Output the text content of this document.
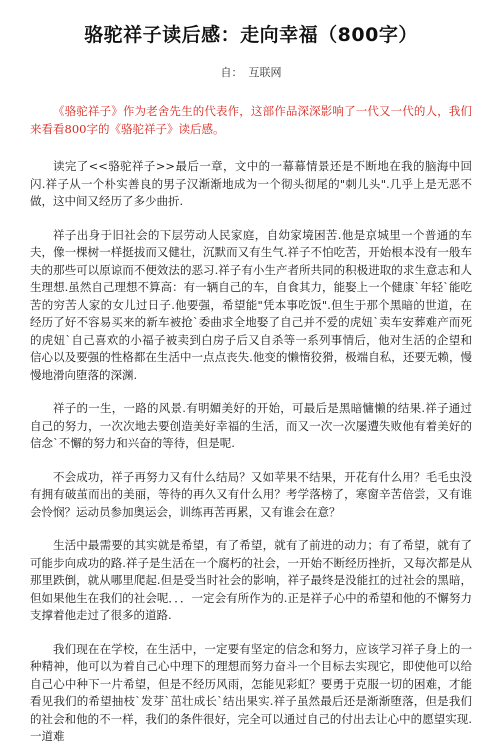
骆驼祥子读后感：走向幸福（800字）
自： 互联网

《骆驼祥子》作为老舍先生的代表作，这部作品深深影响了一代又一代的人，我们来看看800字的《骆驼祥子》读后感。

读完了<<骆驼祥子>>最后一章，文中的一幕幕情景还是不断地在我的脑海中回闪.祥子从一个朴实善良的男子汉渐渐地成为一个彻头彻尾的"刺儿头".几乎上是无恶不做，这中间又经历了多少曲折.

祥子出身于旧社会的下层劳动人民家庭，自幼家境困苦.他是京城里一个普通的车夫，像一棵树一样挺拔而又健壮，沉默而又有生气.祥子不怕吃苦，开始根本没有一般车夫的那些可以原谅而不便效法的恶习.祥子有小生产者所共同的积极进取的求生意志和人生理想.虽然自己理想不算高：有一辆自己的车，自食其力，能娶上一个健康`年轻`能吃苦的穷苦人家的女儿过日子.他要强，希望能"凭本事吃饭".但生于那个黑暗的世道，在经历了好不容易买来的新车被抢`委曲求全地娶了自己并不爱的虎妞`卖车安葬难产而死的虎妞`自己喜欢的小福子被卖到白房子后又自杀等一系列事情后，他对生活的企望和信心以及要强的性格都在生活中一点点丧失.他变的懒惰狡猾，极端自私，还要无赖，慢慢地滑向堕落的深渊.

祥子的一生，一路的风景.有明媚美好的开始，可最后是黑暗慵懒的结果.祥子通过自己的努力，一次次地去要创造美好幸福的生活，而又一次一次屡遭失败他有着美好的信念`不懈的努力和兴奋的等待，但是呢.

不会成功，祥子再努力又有什么结局？又如苹果不结果，开花有什么用？毛毛虫没有拥有破茧而出的美丽，等待的再久又有什么用？考学落榜了，寒窗辛苦倍尝，又有谁会怜悯？运动员参加奥运会，训练再苦再累，又有谁会在意？

生活中最需要的其实就是希望，有了希望，就有了前进的动力；有了希望，就有了可能步向成功的路.祥子是生活在一个腐朽的社会，一开始不断经历挫折，又每次都是从那里跌倒，就从哪里爬起.但是受当时社会的影响，祥子最终是没能扛的过社会的黑暗，但如果他生在我们的社会呢．．．一定会有所作为的.正是祥子心中的希望和他的不懈努力支撑着他走过了很多的道路.

我们现在在学校，在生活中，一定要有坚定的信念和努力，应该学习祥子身上的一种精神，他可以为着自己心中理下的理想而努力奋斗一个目标去实现它，即使他可以给自己心中种下一片希望，但是不经历风雨，怎能见彩虹？要勇于克服一切的困难，才能看见我们的希望抽枝`发芽`茁壮成长`结出果实.祥子虽然最后还是渐渐堕落，但是我们的社会和他的不一样，我们的条件很好，完全可以通过自己的付出去让心中的愿望实现.一道难
